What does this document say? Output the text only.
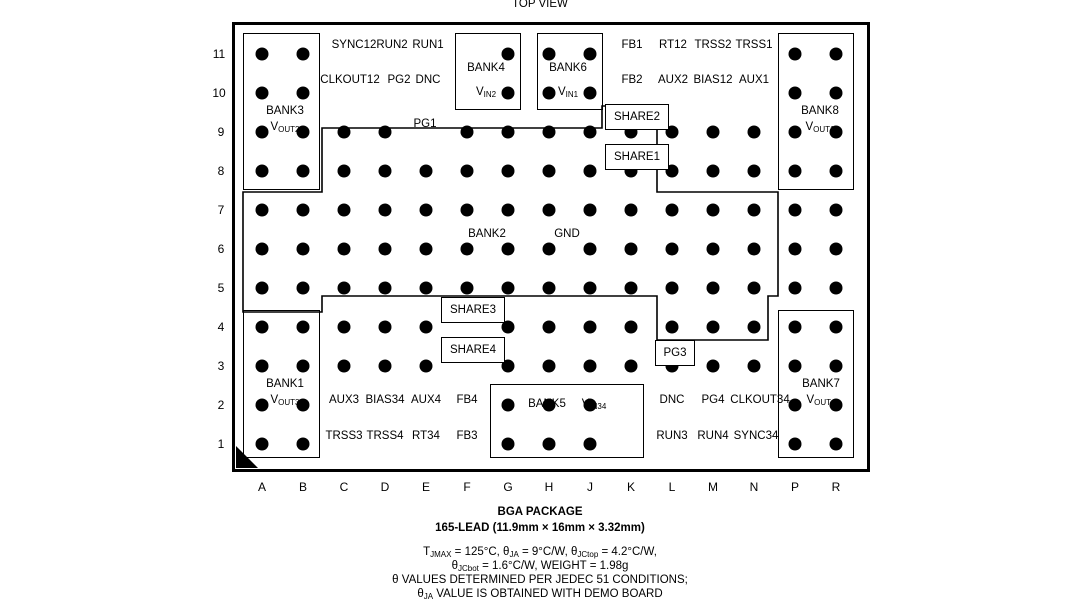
TOP VIEW
A	B	C	D	E	F	G	H	J	K	L	M	N	P	R
11
10
9
8
7
6
5
4
3
2
1
SYNC12 RUN2 RUN1	FB1 RT12 TRSS2 TRSS1
CLKOUT12 PG2 DNC	FB2 AUX2 BIAS12 AUX1
PG1
AUX3 BIAS34 AUX4 FB4	DNC PG4 CLKOUT34
TRSS3 TRSS4 RT34 FB3	RUN3 RUN4 SYNC34
GND
BANK3
BANK4	BANK6
BANK8
BANK2
BANK1	BANK7
BANK5
$V_{OUT2}$
$V_{IN2}$	$V_{IN1}$
$V_{OUT1}$
$V_{OUT3}$	$V_{OUT4}$
$V_{IN34}$
SHARE2
SHARE1
SHARE3
SHARE4	PG3
BGA PACKAGE
165-LEAD (11.9mm × 16mm × 3.32mm)
$T_{JMAX} = 125^\circ C$, $\theta_{JA} = 9^\circ C/W$, $\theta_{JCtop} = 4.2^\circ C/W$,
$\theta_{JCbot} = 1.6^\circ C/W$, WEIGHT = 1.98g
θ VALUES DETERMINED PER JEDEC 51 CONDITIONS;
$\theta_{JA}$ VALUE IS OBTAINED WITH DEMO BOARD
